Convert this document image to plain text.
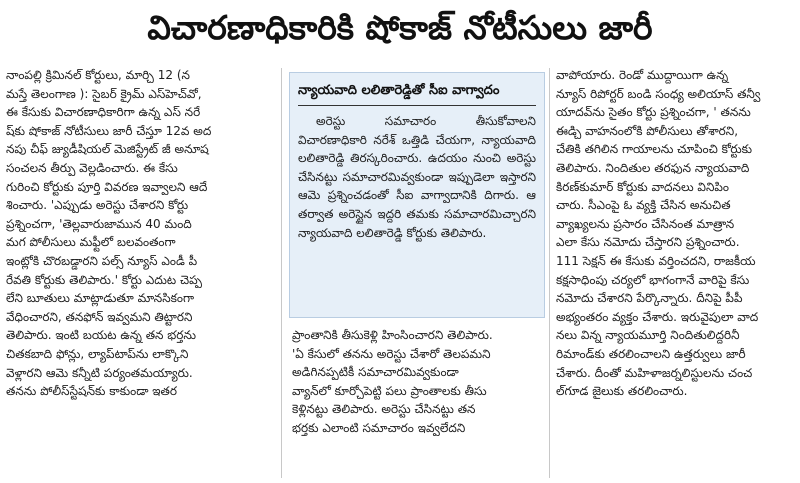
విచారణాధికారికి షోకాజ్ నోటీసులు జారీ
నాంపల్లి క్రిమినల్ కోర్టులు, మార్చి 12 (న
మస్తే తెలంగాణ ): సైబర్ క్రైమ్ ఎస్‌హెచ్‌వో,
ఈ కేసుకు విచారణాధికారిగా ఉన్న ఎస్ నరే
ష్‌కు షోకాజ్ నోటీసులు జారీ చేస్తూ 12వ అద
నపు చీఫ్ జ్యుడీషియల్ మెజిస్ట్రేట్ జీ అనూష
సంచలన తీర్పు వెల్లడించారు. ఈ కేసు
గురించి కోర్టుకు పూర్తి వివరణ ఇవ్వాలని ఆదే
శించారు. 'ఎప్పుడు అరెస్టు చేశారని కోర్టు
ప్రశ్నించగా, 'తెల్లవారుజామున 40 మంది
మగ పోలీసులు మఫ్టీలో బలవంతంగా
ఇంట్లోకి చొరబడ్డారని పల్స్ న్యూస్ ఎండీ పీ
రేవతి కోర్టుకు తెలిపారు.' కోర్టు ఎదుట చెప్ప
లేని బూతులు మాట్లాడుతూ మానసికంగా
వేధించారని, తనఫోన్ ఇవ్వమని తిట్టారని
తెలిపారు. ఇంటి బయట ఉన్న తన భర్తను
చితకబాది ఫోన్లు, ల్యాప్‌టాప్‌ను లాక్కొని
వెళ్లారని ఆమె కన్నీటి పర్యంతమయ్యారు.
తనను పోలీస్‌స్టేషన్‌కు కాకుండా ఇతర
న్యాయవాది లలితారెడ్డితో సీఐ వాగ్వాదం
అరెస్టు సమాచారం తీసుకోవాలని విచారణాధికారి నరేశ్ ఒత్తిడి చేయగా, న్యాయవాది లలితారెడ్డి తిరస్కరించారు. ఉదయం నుంచి అరెస్టు చేసినట్టు సమాచారమివ్వకుండా ఇప్పుడెలా ఇస్తారని ఆమె ప్రశ్నించడంతో సీఐ వాగ్వాదానికి దిగారు. ఆ తర్వాత అరెస్టైన ఇద్దరి తమకు సమాచారమిచ్చారని న్యాయవాది లలితారెడ్డి కోర్టుకు తెలిపారు.
ప్రాంతానికి తీసుకెళ్లి హింసించారని తెలిపారు.
'ఏ కేసులో తనను అరెస్టు చేశారో తెలపమని
అడిగినప్పటికీ సమాచారమివ్వకుండా
వ్యాన్‌లో కూర్చోపెట్టి పలు ప్రాంతాలకు తీసు
కెళ్లినట్టు తెలిపారు. అరెస్టు చేసినట్టు తన
భర్తకు ఎలాంటి సమాచారం ఇవ్వలేదని
వాపోయారు. రెండో ముద్దాయిగా ఉన్న
న్యూస్ రిపోర్టర్ బండి సంధ్య అలియాస్ తన్వీ
యాదవ్‌ను సైతం కోర్టు ప్రశ్నించగా, ' తనను
ఈడ్చి వాహనంలోకి పోలీసులు తోశారని,
చేతికి తగిలిన గాయాలను చూపించి కోర్టుకు
తెలిపారు. నిందితుల తరఫున న్యాయవాది
కిరణ్‌కుమార్ కోర్టుకు వాదనలు వినిపిం
చారు. సీఎంపై ఓ వ్యక్తి చేసిన అనుచిత
వ్యాఖ్యలను ప్రసారం చేసినంత మాత్రాన
ఎలా కేసు నమోదు చేస్తారని ప్రశ్నించారు.
111 సెక్షన్ ఈ కేసుకు వర్తించదని, రాజకీయ
కక్షసాధింపు చర్యలో భాగంగానే వారిపై కేసు
నమోదు చేశారని పేర్కొన్నారు. దీనిపై పీపీ
అభ్యంతరం వ్యక్తం చేశారు. ఇరువైపులా వాద
నలు విన్న న్యాయమూర్తి నిందితులిద్దరినీ
రిమాండ్‌కు తరలించాలని ఉత్తర్వులు జారీ
చేశారు. దీంతో మహిళాజర్నలిస్టులను చంచ
ల్‌గూడ జైలుకు తరలించారు.
